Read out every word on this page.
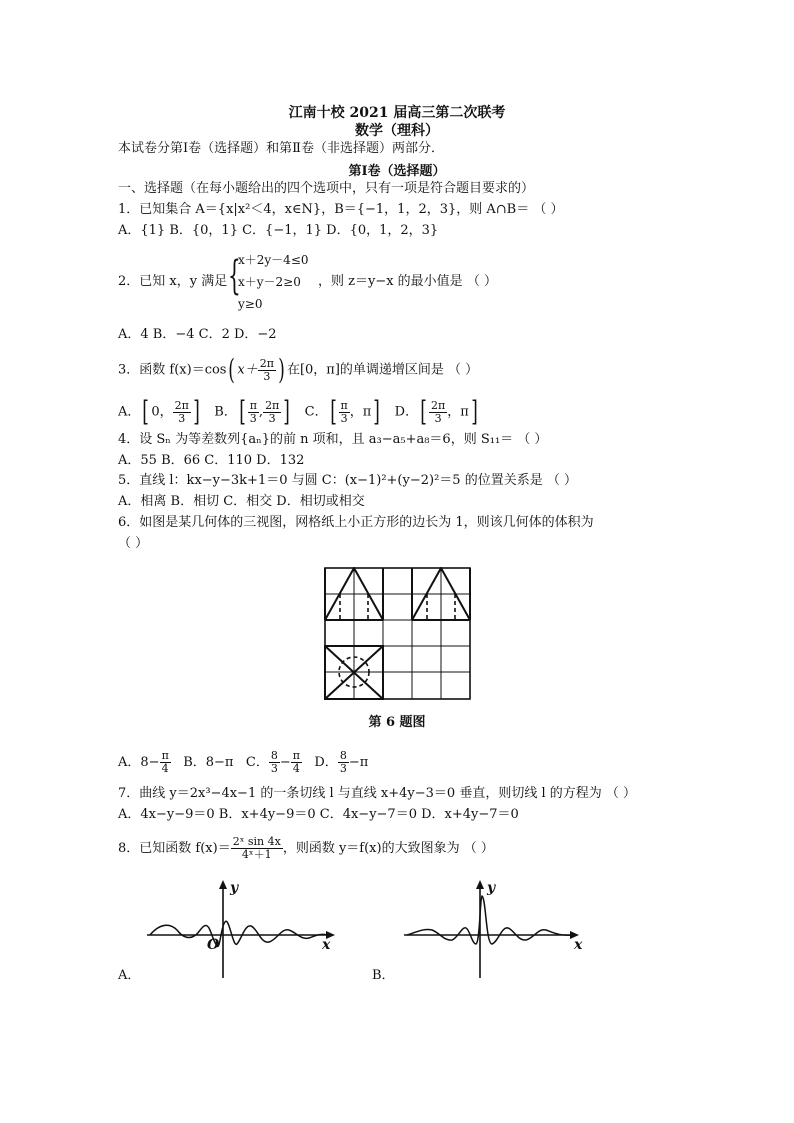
江南十校 2021 届高三第二次联考
数学（理科）
本试卷分第Ⅰ卷（选择题）和第Ⅱ卷（非选择题）两部分．
第Ⅰ卷（选择题）
一、选择题（在每小题给出的四个选项中，只有一项是符合题目要求的）
1．已知集合 A＝{x|x²＜4，x∈N}，B＝{−1，1，2，3}，则 A∩B＝ （ ）
A．{1} B．{0，1} C．{−1，1} D．{0，1，2，3}
2．已知 x，y 满足 {
x＋2y－4≤0
x＋y－2≥0
y≥0
，则 z＝y−x 的最小值是 （ ）
A．4 B．−4 C．2 D．−2
3．函数 f(x)＝cos( $x+ \frac{2\pi}{3}$ ) 在[0，π]的单调递增区间是 （ ）
A．[ 0， $\frac{2\pi}{3}$ ] B．[ $\frac{\pi}{3}$ , $\frac{2\pi}{3}$ ] C．[ $\frac{\pi}{3}$ ，π] D．[ $\frac{2\pi}{3}$ ，π]
4．设 Sₙ 为等差数列{aₙ}的前 n 项和，且 a₃−a₅+a₈＝6，则 S₁₁＝ （ ）
A．55 B．66 C．110 D．132
5．直线 l：kx−y−3k+1＝0 与圆 C：(x−1)²+(y−2)²＝5 的位置关系是 （ ）
A．相离 B．相切 C．相交 D．相切或相交
6．如图是某几何体的三视图，网格纸上小正方形的边长为 1，则该几何体的体积为
（ ）
第 6 题图
A．$8- \frac{\pi}{4}$ B．8−π C． $\frac{8}{3} - \frac{\pi}{4}$ D． $\frac{8}{3} -\pi$
7．曲线 y＝2x³−4x−1 的一条切线 l 与直线 x+4y−3＝0 垂直，则切线 l 的方程为 （ ）
A．4x−y−9＝0 B．x+4y−9＝0 C．4x−y−7＝0 D．x+4y−7＝0
8．已知函数 $f(x)= \frac{\text{2ˣ sin 4x}}{\text{4ˣ＋1}}$ ，则函数 y＝f(x)的大致图象为 （ ）
y
x
O
A．
y
x
B．
